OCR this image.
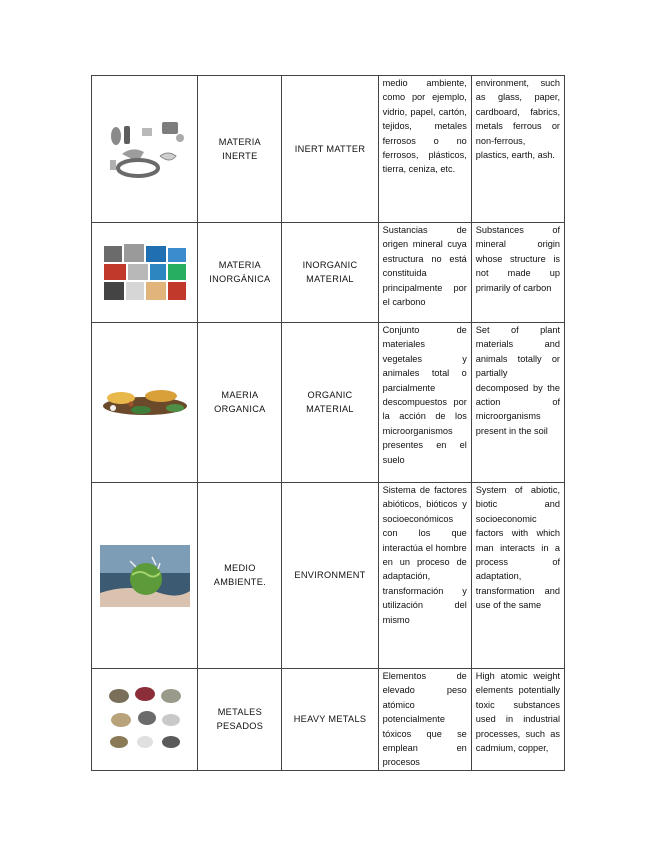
	MATERIA INERTE	INERT MATTER	medio ambiente, como por ejemplo, vidrio, papel, cartón, tejidos, metales ferrosos o no ferrosos, plásticos, tierra, ceniza, etc.	environment, such as glass, paper, cardboard, fabrics, metals ferrous or non-ferrous, plastics, earth, ash.

	MATERIA INORGÁNICA	INORGANIC MATERIAL	Sustancias de origen mineral cuya estructura no está constituida principalmente por el carbono	Substances of mineral origin whose structure is not made up primarily of carbon

	MAERIA ORGANICA	ORGANIC MATERIAL	Conjunto de materiales vegetales y animales total o parcialmente descompuestos por la acción de los microorganismos presentes en el suelo	Set of plant materials and animals totally or partially decomposed by the action of microorganisms present in the soil

	MEDIO AMBIENTE.	ENVIRONMENT	Sistema de factores abióticos, bióticos y socioeconómicos con los que interactúa el hombre en un proceso de adaptación, transformación y utilización del mismo	System of abiotic, biotic and socioeconomic factors with which man interacts in a process of adaptation, transformation and use of the same

	METALES PESADOS	HEAVY METALS	Elementos de elevado peso atómico potencialmente tóxicos que se emplean en procesos	High atomic weight elements potentially toxic substances used in industrial processes, such as cadmium, copper,
